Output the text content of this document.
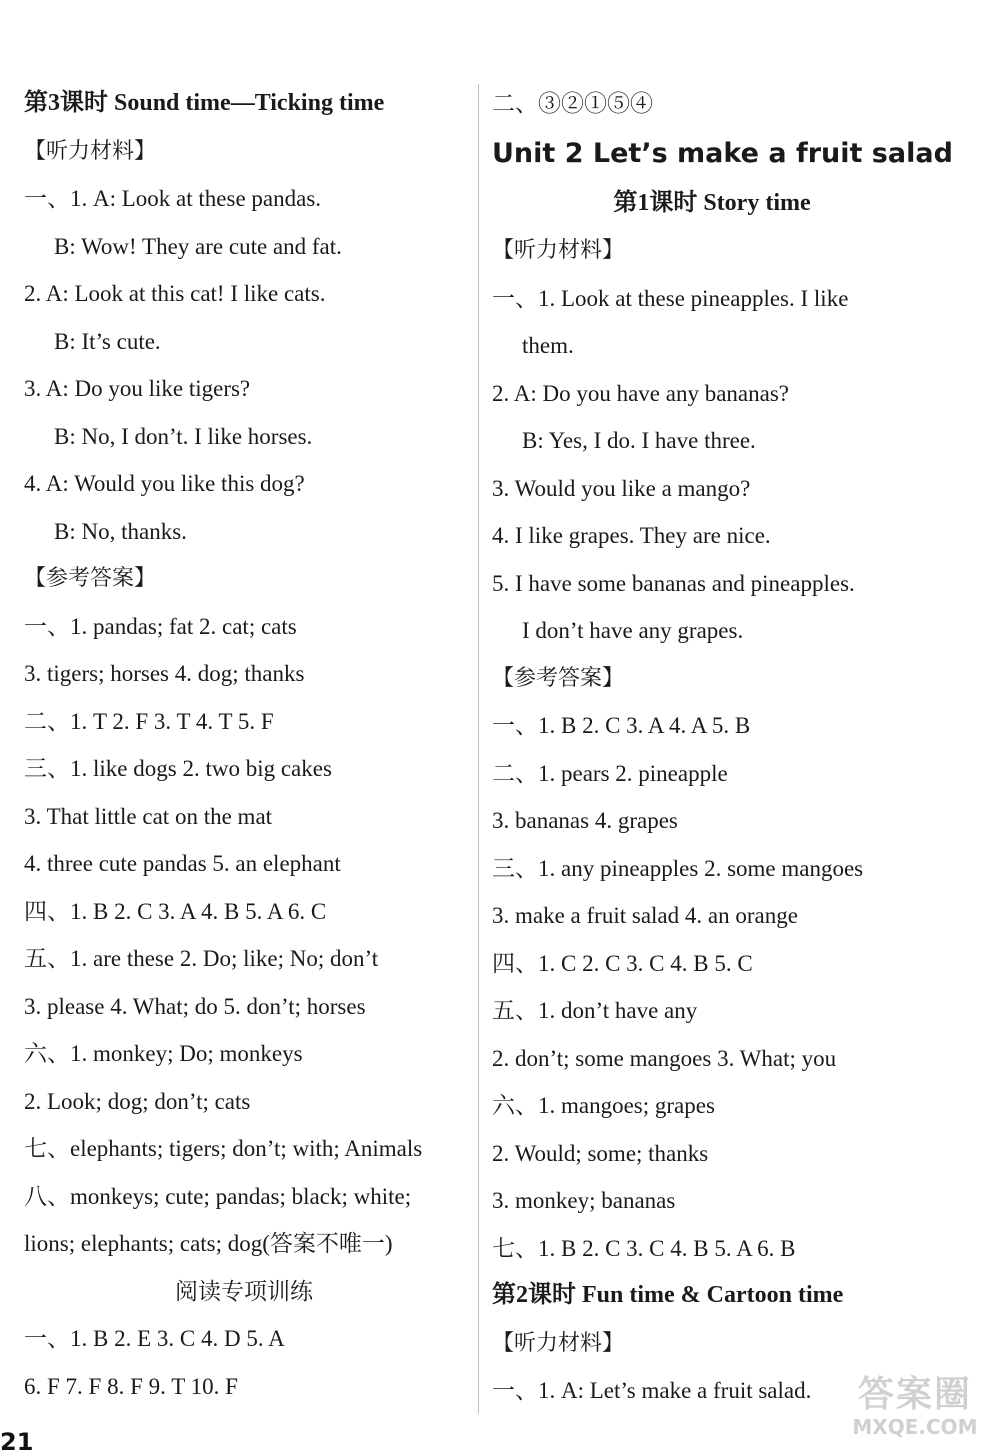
第3课时 Sound time—Ticking time
【听力材料】
一、1. A: Look at these pandas.
B: Wow! They are cute and fat.
2. A: Look at this cat! I like cats.
B: It’s cute.
3. A: Do you like tigers?
B: No, I don’t. I like horses.
4. A: Would you like this dog?
B: No, thanks.
【参考答案】
一、1. pandas; fat 2. cat; cats
3. tigers; horses 4. dog; thanks
二、1. T 2. F 3. T 4. T 5. F
三、1. like dogs 2. two big cakes
3. That little cat on the mat
4. three cute pandas 5. an elephant
四、1. B 2. C 3. A 4. B 5. A 6. C
五、1. are these 2. Do; like; No; don’t
3. please 4. What; do 5. don’t; horses
六、1. monkey; Do; monkeys
2. Look; dog; don’t; cats
七、elephants; tigers; don’t; with; Animals
八、monkeys; cute; pandas; black; white;
lions; elephants; cats; dog(答案不唯一)
阅读专项训练
一、1. B 2. E 3. C 4. D 5. A
6. F 7. F 8. F 9. T 10. F
二、③②①⑤④
Unit 2 Let’s make a fruit salad
第1课时 Story time
【听力材料】
一、1. Look at these pineapples. I like
them.
2. A: Do you have any bananas?
B: Yes, I do. I have three.
3. Would you like a mango?
4. I like grapes. They are nice.
5. I have some bananas and pineapples.
I don’t have any grapes.
【参考答案】
一、1. B 2. C 3. A 4. A 5. B
二、1. pears 2. pineapple
3. bananas 4. grapes
三、1. any pineapples 2. some mangoes
3. make a fruit salad 4. an orange
四、1. C 2. C 3. C 4. B 5. C
五、1. don’t have any
2. don’t; some mangoes 3. What; you
六、1. mangoes; grapes
2. Would; some; thanks
3. monkey; bananas
七、1. B 2. C 3. C 4. B 5. A 6. B
第2课时 Fun time & Cartoon time
【听力材料】
一、1. A: Let’s make a fruit salad.
21
答案圈
MXQE.COM
